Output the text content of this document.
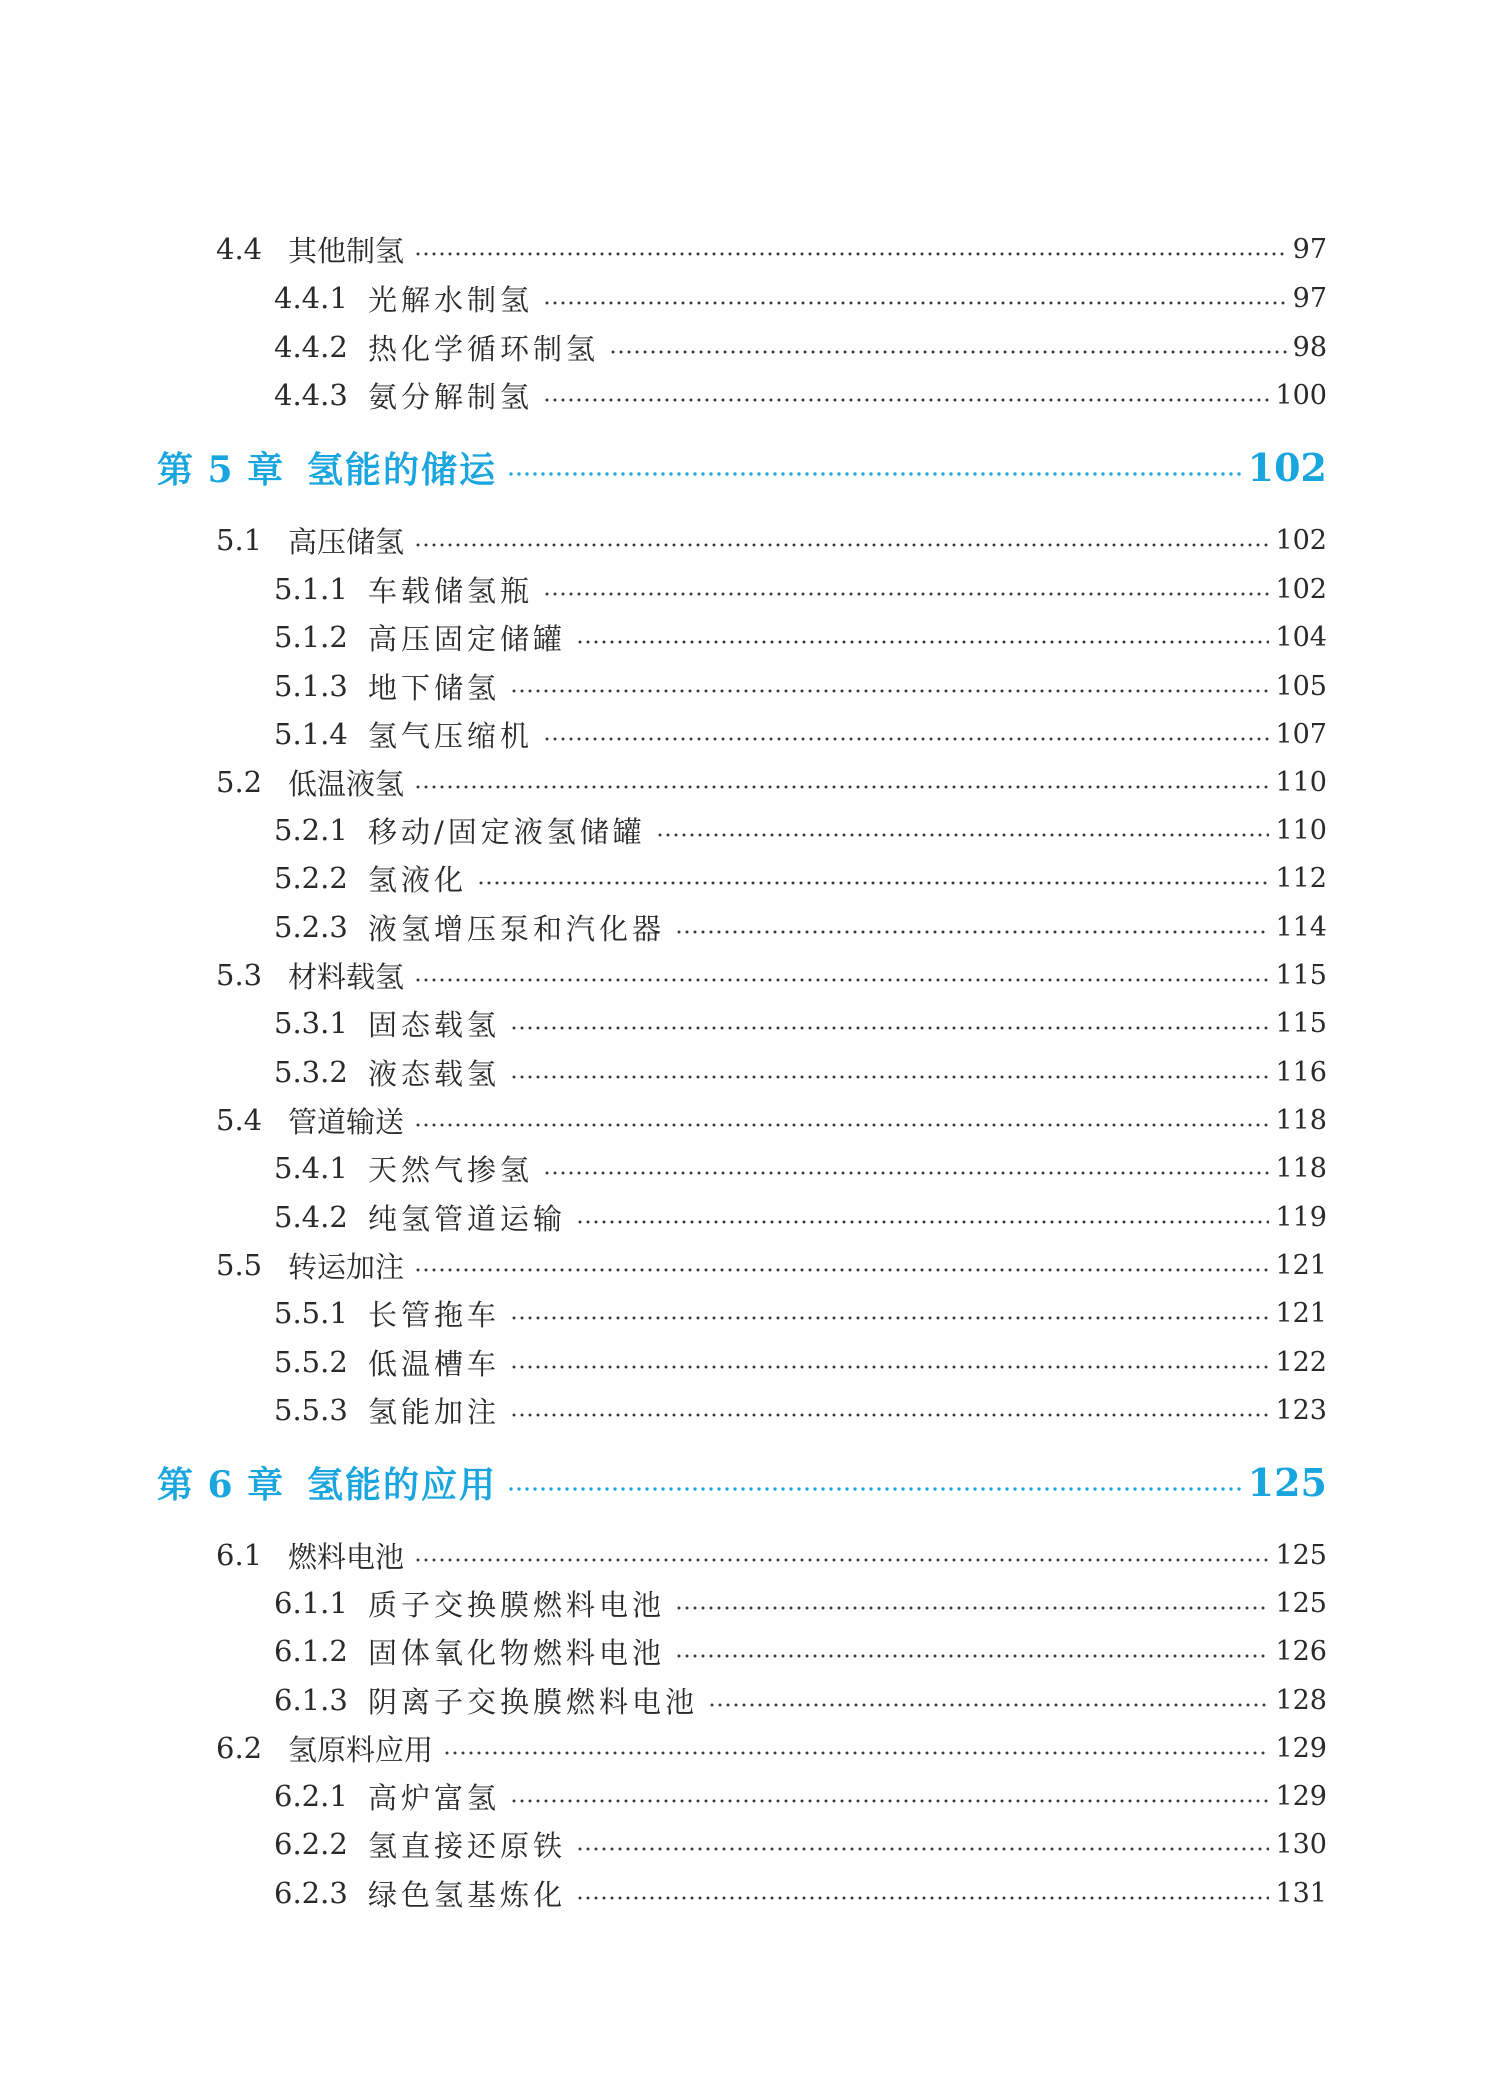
4.4 其他制氢	97
4.4.1 光解水制氢	97
4.4.2 热化学循环制氢	98
4.4.3 氨分解制氢	100
第 5 章 氢能的储运	102
5.1 高压储氢	102
5.1.1 车载储氢瓶	102
5.1.2 高压固定储罐	104
5.1.3 地下储氢	105
5.1.4 氢气压缩机	107
5.2 低温液氢	110
5.2.1 移动/固定液氢储罐	110
5.2.2 氢液化	112
5.2.3 液氢增压泵和汽化器	114
5.3 材料载氢	115
5.3.1 固态载氢	115
5.3.2 液态载氢	116
5.4 管道输送	118
5.4.1 天然气掺氢	118
5.4.2 纯氢管道运输	119
5.5 转运加注	121
5.5.1 长管拖车	121
5.5.2 低温槽车	122
5.5.3 氢能加注	123
第 6 章 氢能的应用	125
6.1 燃料电池	125
6.1.1 质子交换膜燃料电池	125
6.1.2 固体氧化物燃料电池	126
6.1.3 阴离子交换膜燃料电池	128
6.2 氢原料应用	129
6.2.1 高炉富氢	129
6.2.2 氢直接还原铁	130
6.2.3 绿色氢基炼化	131
